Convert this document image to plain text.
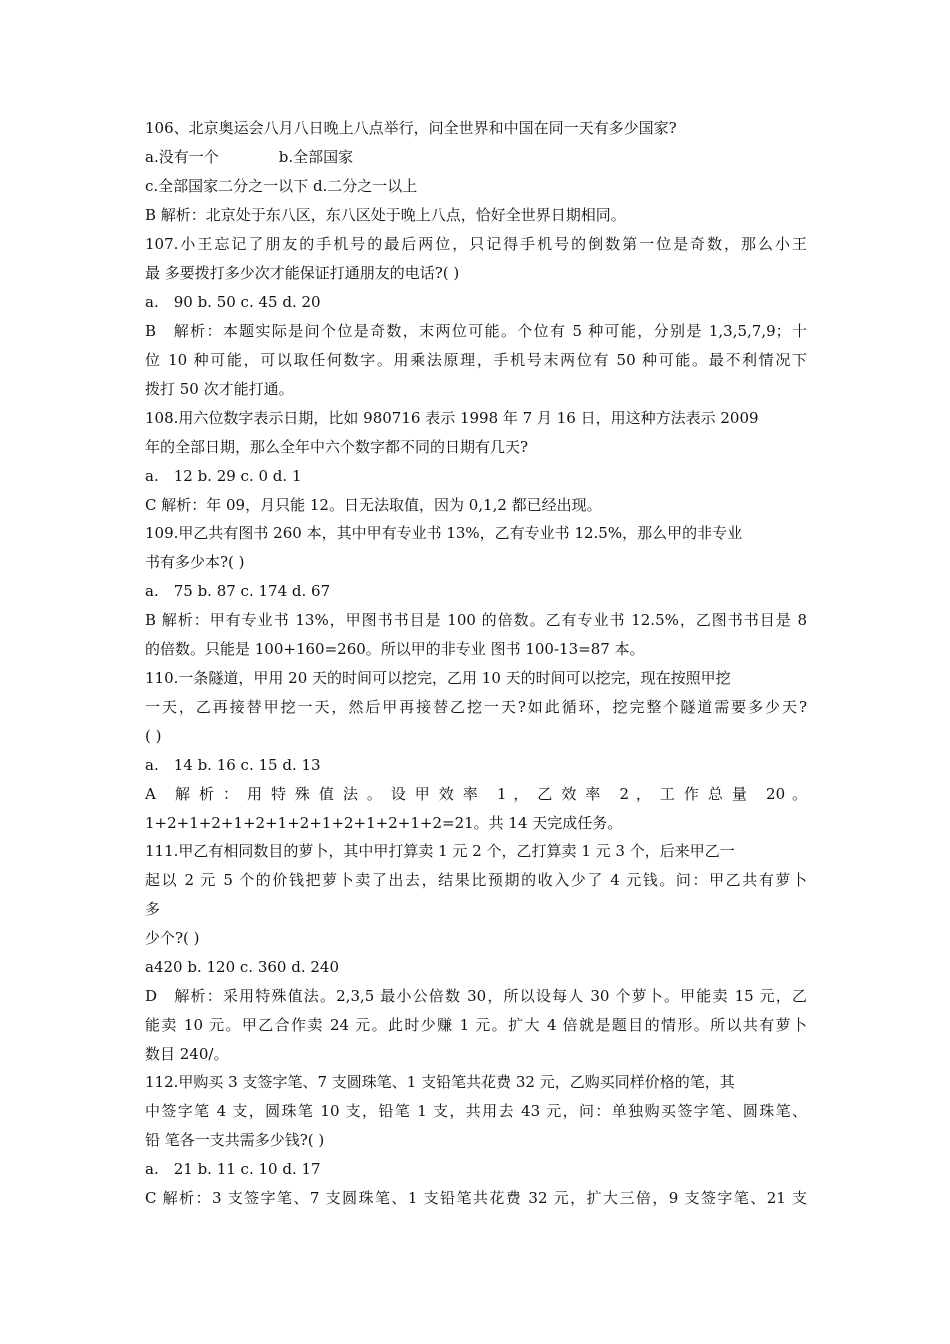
106、北京奥运会八月八日晚上八点举行，问全世界和中国在同一天有多少国家?
a.没有一个　　　　b.全部国家
c.全部国家二分之一以下 d.二分之一以上
B 解析：北京处于东八区，东八区处于晚上八点，恰好全世界日期相同。
107.小王忘记了朋友的手机号的最后两位，只记得手机号的倒数第一位是奇数，那么小王
最 多要拨打多少次才能保证打通朋友的电话?( )
a.　90 b. 50 c. 45 d. 20
B　解析：本题实际是问个位是奇数，末两位可能。个位有 5 种可能，分别是 1,3,5,7,9；十
位 10 种可能，可以取任何数字。用乘法原理，手机号末两位有 50 种可能。最不利情况下
拨打 50 次才能打通。
108.用六位数字表示日期，比如 980716 表示 1998 年 7 月 16 日，用这种方法表示 2009
年的全部日期，那么全年中六个数字都不同的日期有几天?
a.　12 b. 29 c. 0 d. 1
C 解析：年 09，月只能 12。日无法取值，因为 0,1,2 都已经出现。
109.甲乙共有图书 260 本，其中甲有专业书 13%，乙有专业书 12.5%，那么甲的非专业
书有多少本?( )
a.　75 b. 87 c. 174 d. 67
B 解析：甲有专业书 13%，甲图书书目是 100 的倍数。乙有专业书 12.5%，乙图书书目是 8
的倍数。只能是 100+160=260。所以甲的非专业 图书 100-13=87 本。
110.一条隧道，甲用 20 天的时间可以挖完，乙用 10 天的时间可以挖完，现在按照甲挖
一天，乙再接替甲挖一天，然后甲再接替乙挖一天?如此循环，挖完整个隧道需要多少天?
( )
a.　14 b. 16 c. 15 d. 13
A　解 析 ： 用 特 殊 值 法 。 设 甲 效 率　1 ， 乙 效 率　2 ， 工 作 总 量　20 。
1+2+1+2+1+2+1+2+1+2+1+2+1+2=21。共 14 天完成任务。
111.甲乙有相同数目的萝卜，其中甲打算卖 1 元 2 个，乙打算卖 1 元 3 个，后来甲乙一
起以 2 元 5 个的价钱把萝卜卖了出去，结果比预期的收入少了 4 元钱。问：甲乙共有萝卜
多
少个?( )
a420 b. 120 c. 360 d. 240
D　解析：采用特殊值法。2,3,5 最小公倍数 30，所以设每人 30 个萝卜。甲能卖 15 元，乙
能卖 10 元。甲乙合作卖 24 元。此时少赚 1 元。扩大 4 倍就是题目的情形。所以共有萝卜
数目 240/。
112.甲购买 3 支签字笔、7 支圆珠笔、1 支铅笔共花费 32 元，乙购买同样价格的笔，其
中签字笔 4 支，圆珠笔 10 支，铅笔 1 支，共用去 43 元，问：单独购买签字笔、圆珠笔、
铅 笔各一支共需多少钱?( )
a.　21 b. 11 c. 10 d. 17
C 解析：3 支签字笔、7 支圆珠笔、1 支铅笔共花费 32 元，扩大三倍，9 支签字笔、21 支
